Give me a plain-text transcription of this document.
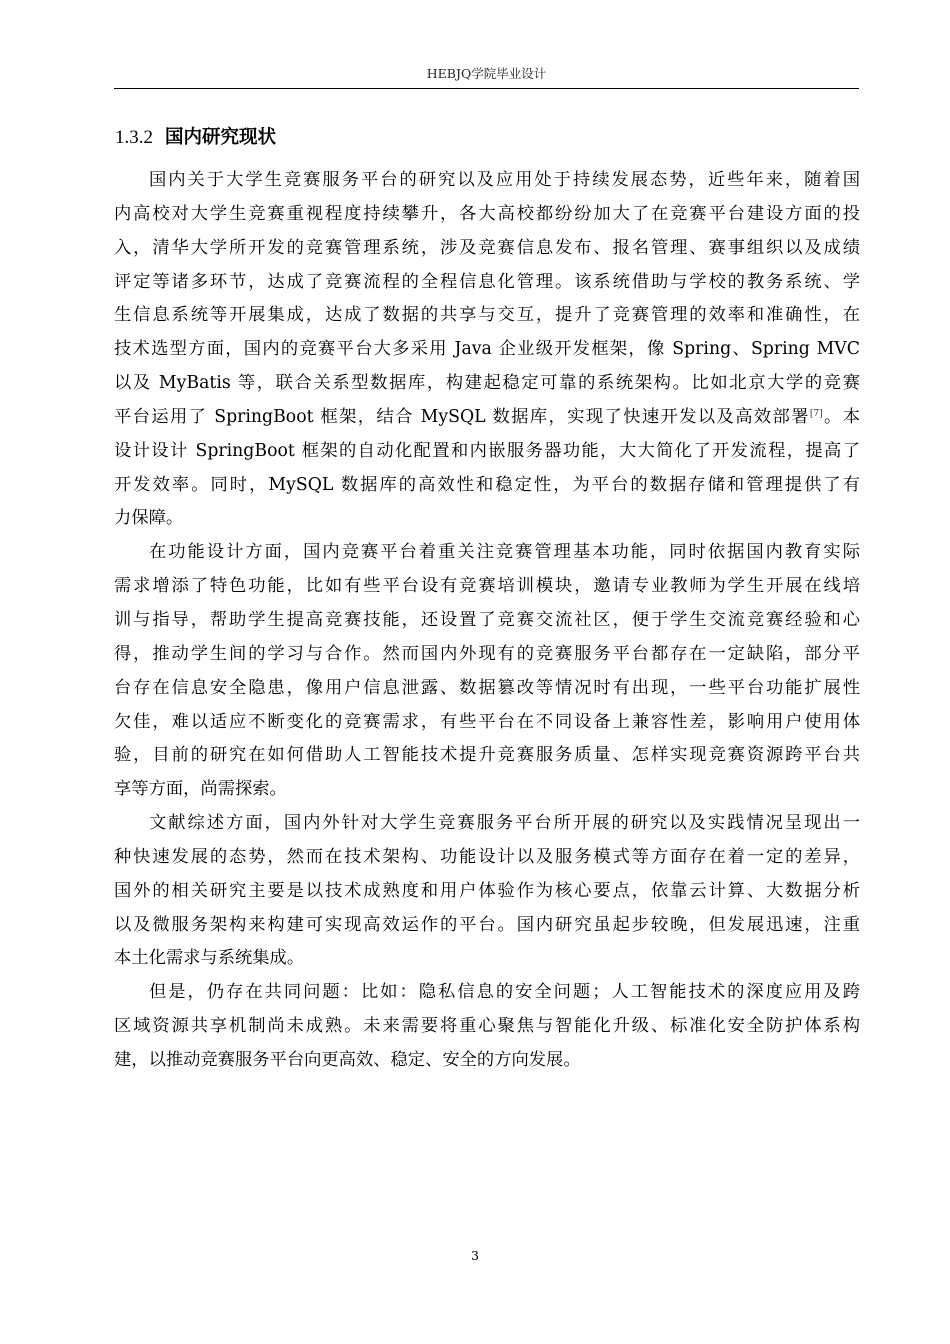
HEBJQ学院毕业设计
1.3.2 国内研究现状
国内关于大学生竞赛服务平台的研究以及应用处于持续发展态势，近些年来，随着国
内高校对大学生竞赛重视程度持续攀升，各大高校都纷纷加大了在竞赛平台建设方面的投
入，清华大学所开发的竞赛管理系统，涉及竞赛信息发布、报名管理、赛事组织以及成绩
评定等诸多环节，达成了竞赛流程的全程信息化管理。该系统借助与学校的教务系统、学
生信息系统等开展集成，达成了数据的共享与交互，提升了竞赛管理的效率和准确性，在
技术选型方面，国内的竞赛平台大多采用 Java 企业级开发框架，像 Spring、Spring MVC
以及 MyBatis 等，联合关系型数据库，构建起稳定可靠的系统架构。比如北京大学的竞赛
平台运用了 SpringBoot 框架，结合 MySQL 数据库，实现了快速开发以及高效部署[7]。本
设计设计 SpringBoot 框架的自动化配置和内嵌服务器功能，大大简化了开发流程，提高了
开发效率。同时，MySQL 数据库的高效性和稳定性，为平台的数据存储和管理提供了有
力保障。
在功能设计方面，国内竞赛平台着重关注竞赛管理基本功能，同时依据国内教育实际
需求增添了特色功能，比如有些平台设有竞赛培训模块，邀请专业教师为学生开展在线培
训与指导，帮助学生提高竞赛技能，还设置了竞赛交流社区，便于学生交流竞赛经验和心
得，推动学生间的学习与合作。然而国内外现有的竞赛服务平台都存在一定缺陷，部分平
台存在信息安全隐患，像用户信息泄露、数据篡改等情况时有出现，一些平台功能扩展性
欠佳，难以适应不断变化的竞赛需求，有些平台在不同设备上兼容性差，影响用户使用体
验，目前的研究在如何借助人工智能技术提升竞赛服务质量、怎样实现竞赛资源跨平台共
享等方面，尚需探索。
文献综述方面，国内外针对大学生竞赛服务平台所开展的研究以及实践情况呈现出一
种快速发展的态势，然而在技术架构、功能设计以及服务模式等方面存在着一定的差异，
国外的相关研究主要是以技术成熟度和用户体验作为核心要点，依靠云计算、大数据分析
以及微服务架构来构建可实现高效运作的平台。国内研究虽起步较晚，但发展迅速，注重
本土化需求与系统集成。
但是，仍存在共同问题：比如：隐私信息的安全问题；人工智能技术的深度应用及跨
区域资源共享机制尚未成熟。未来需要将重心聚焦与智能化升级、标准化安全防护体系构
建，以推动竞赛服务平台向更高效、稳定、安全的方向发展。
3
